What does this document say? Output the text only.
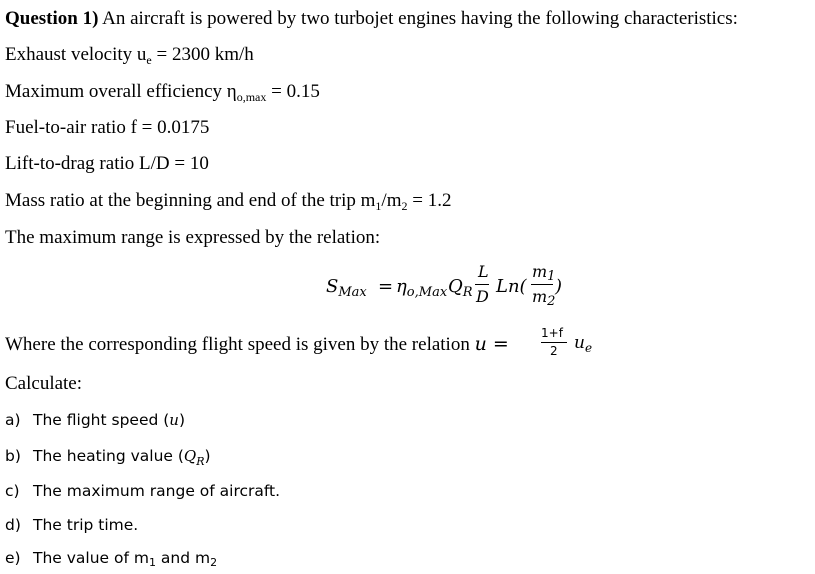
Question 1) An aircraft is powered by two turbojet engines having the following characteristics:
Exhaust velocity $u_e = 2300$ km/h
Maximum overall efficiency $\eta_{o,max} = 0.15$
Fuel-to-air ratio f = 0.0175
Lift-to-drag ratio L/D = 10
Mass ratio at the beginning and end of the trip $m_1/m_2 = 1.2$
The maximum range is expressed by the relation:
$S_{Max} = \eta_{o,Max}$ $Q_R$
L
D Ln(
m1
m2
)
Where the corresponding flight speed is given by the relation u =	1+f
2 $u_e$
Calculate:
a) The flight speed (u)
b) The heating value $(Q_R)$
c) The maximum range of aircraft.
d) The trip time.
e) The value of m1 and m2
